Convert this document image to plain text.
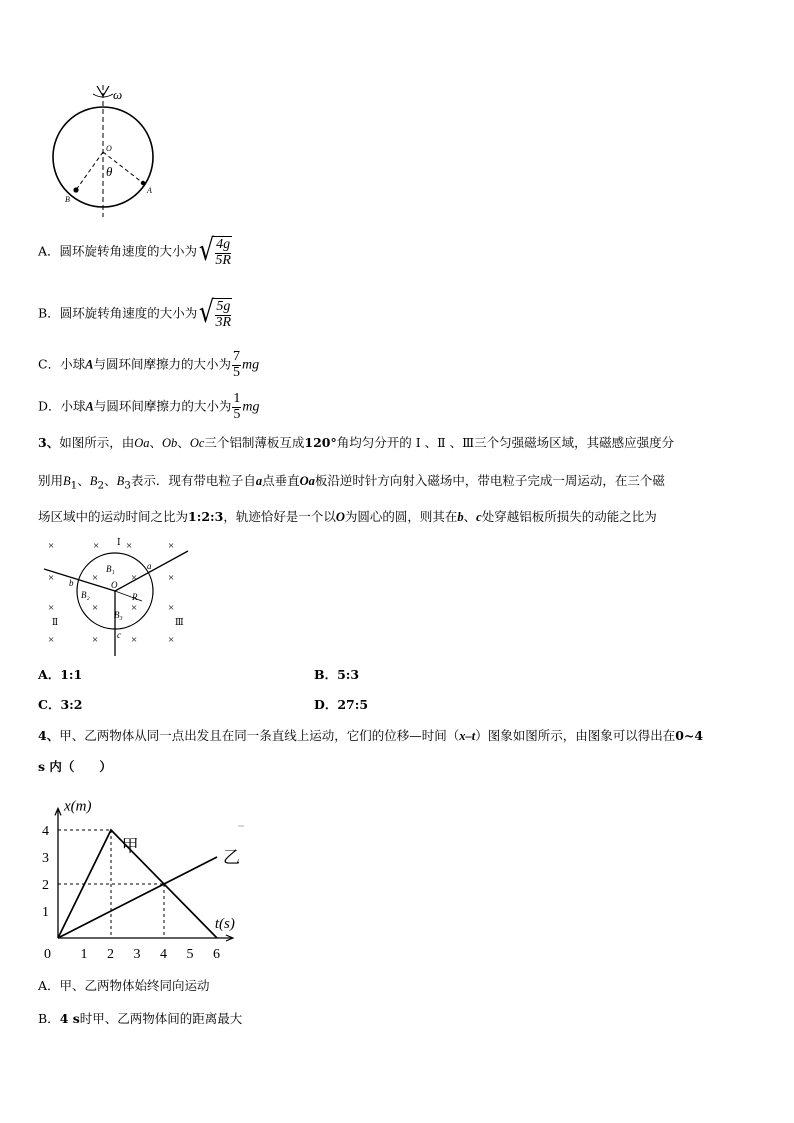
ω
O
θ
A
B
A．圆环旋转角速度的大小为 √ $\frac{4g}{5R}$
B．圆环旋转角速度的大小为 √ $\frac{5g}{3R}$
C．小球A与圆环间摩擦力的大小为 $\frac{7}{5}$ mg
D．小球A与圆环间摩擦力的大小为 $\frac{1}{5}$ mg
3、如图所示，由Oa、Ob、Oc三个铝制薄板互成120°角均匀分开的 Ⅰ 、Ⅱ 、Ⅲ三个匀强磁场区域，其磁感应强度分
别用$B_1$、$B_2$、$B_3$表示．现有带电粒子自a点垂直Oa板沿逆时针方向射入磁场中，带电粒子完成一周运动，在三个磁
场区域中的运动时间之比为1:2:3，轨迹恰好是一个以O为圆心的圆，则其在b、c处穿越铝板所损失的动能之比为
×	× ×	×
×	×	×	×
×	×	×	×
×	×	×	×
Ⅰ
Ⅱ	Ⅲ
B₁
B₂
B₃
O
R
a
b
c
A．1:1	B．5:3
C．3:2	D．27:5
4、甲、乙两物体从同一点出发且在同一条直线上运动，它们的位移—时间（x–t）图象如图所示，由图象可以得出在0~4
s 内（　　）
x(m)
t(s)
0 1 2 3 4 5 6
1
2
3
4
甲
乙
A．甲、乙两物体始终同向运动
B．4 s时甲、乙两物体间的距离最大
